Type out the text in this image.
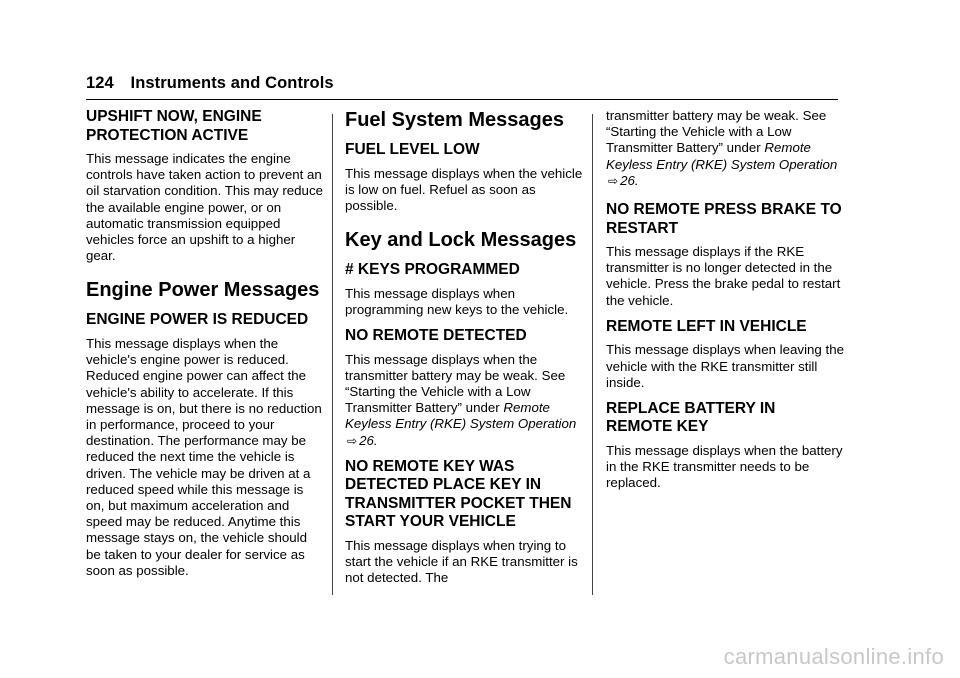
124 Instruments and Controls
UPSHIFT NOW, ENGINE PROTECTION ACTIVE

This message indicates the engine controls have taken action to prevent an oil starvation condition. This may reduce the available engine power, or on automatic transmission equipped vehicles force an upshift to a higher gear.

Engine Power Messages
ENGINE POWER IS REDUCED

This message displays when the vehicle's engine power is reduced. Reduced engine power can affect the vehicle's ability to accelerate. If this message is on, but there is no reduction in performance, proceed to your destination. The performance may be reduced the next time the vehicle is driven. The vehicle may be driven at a reduced speed while this message is on, but maximum acceleration and speed may be reduced. Anytime this message stays on, the vehicle should be taken to your dealer for service as soon as possible.

Fuel System Messages
FUEL LEVEL LOW

This message displays when the vehicle is low on fuel. Refuel as soon as possible.

Key and Lock Messages
# KEYS PROGRAMMED

This message displays when programming new keys to the vehicle.

NO REMOTE DETECTED

This message displays when the transmitter battery may be weak. See “Starting the Vehicle with a Low Transmitter Battery” under Remote Keyless Entry (RKE) System Operation ⇨ 26.

NO REMOTE KEY WAS DETECTED PLACE KEY IN TRANSMITTER POCKET THEN START YOUR VEHICLE

This message displays when trying to start the vehicle if an RKE transmitter is not detected. The

transmitter battery may be weak. See “Starting the Vehicle with a Low Transmitter Battery” under Remote Keyless Entry (RKE) System Operation ⇨ 26.

NO REMOTE PRESS BRAKE TO RESTART

This message displays if the RKE transmitter is no longer detected in the vehicle. Press the brake pedal to restart the vehicle.

REMOTE LEFT IN VEHICLE

This message displays when leaving the vehicle with the RKE transmitter still inside.

REPLACE BATTERY IN REMOTE KEY

This message displays when the battery in the RKE transmitter needs to be replaced.

carmanualsonline.info
